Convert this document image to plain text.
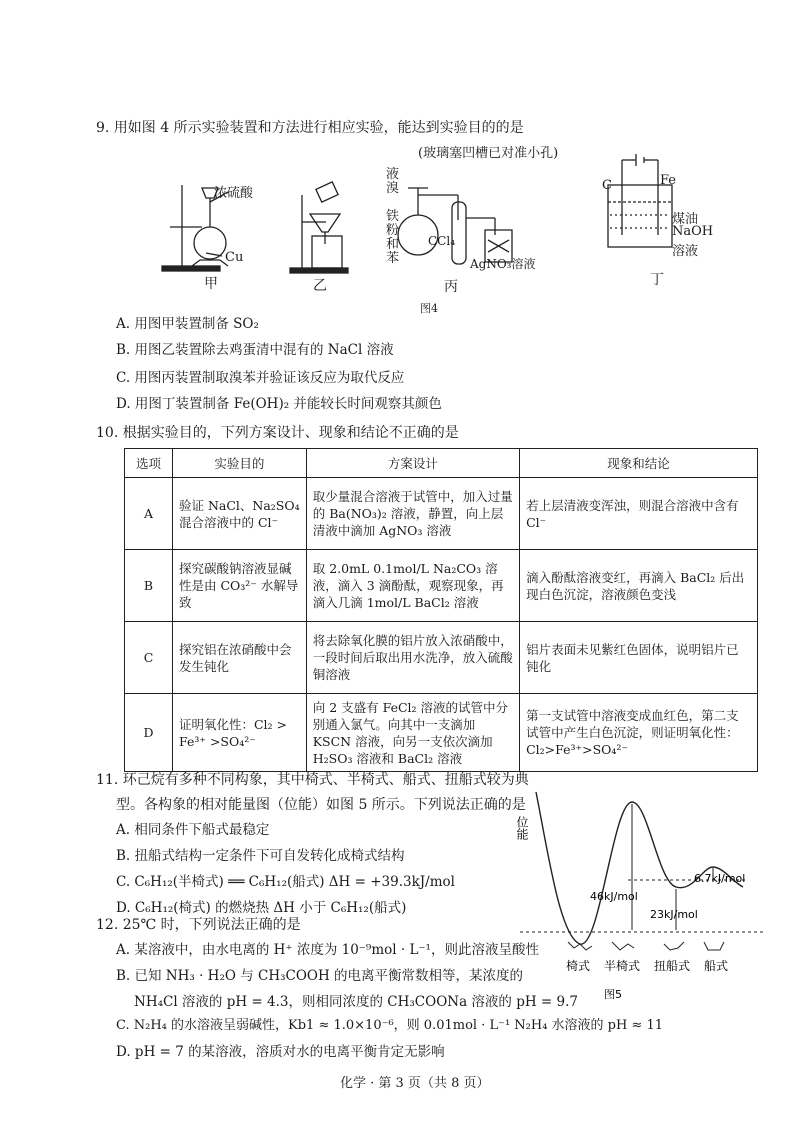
9. 用如图 4 所示实验装置和方法进行相应实验，能达到实验目的的是
浓硫酸
Cu
(玻璃塞凹槽已对准小孔)
液溴
铁粉和苯
CCl₄
AgNO₃溶液
C	Fe
煤油
NaOH
溶液
甲	乙	丙	丁
图4
A. 用图甲装置制备 SO₂
B. 用图乙装置除去鸡蛋清中混有的 NaCl 溶液
C. 用图丙装置制取溴苯并验证该反应为取代反应
D. 用图丁装置制备 Fe(OH)₂ 并能较长时间观察其颜色
10. 根据实验目的，下列方案设计、现象和结论不正确的是
选项	实验目的	方案设计	现象和结论
A	验证 NaCl、Na₂SO₄ 混合溶液中的 Cl⁻	取少量混合溶液于试管中，加入过量的 Ba(NO₃)₂ 溶液，静置，向上层清液中滴加 AgNO₃ 溶液	若上层清液变浑浊，则混合溶液中含有 Cl⁻
B	探究碳酸钠溶液显碱性是由 CO₃²⁻ 水解导致	取 2.0mL 0.1mol/L Na₂CO₃ 溶液，滴入 3 滴酚酞，观察现象，再滴入几滴 1mol/L BaCl₂ 溶液	滴入酚酞溶液变红，再滴入 BaCl₂ 后出现白色沉淀，溶液颜色变浅
C	探究铝在浓硝酸中会发生钝化	将去除氧化膜的铝片放入浓硝酸中，一段时间后取出用水洗净，放入硫酸铜溶液	铝片表面未见紫红色固体，说明铝片已钝化
D	证明氧化性：Cl₂ > Fe³⁺ >SO₄²⁻	向 2 支盛有 FeCl₂ 溶液的试管中分别通入氯气。向其中一支滴加 KSCN 溶液，向另一支依次滴加 H₂SO₃ 溶液和 BaCl₂ 溶液	第一支试管中溶液变成血红色，第二支试管中产生白色沉淀，则证明氧化性：Cl₂>Fe³⁺>SO₄²⁻
11. 环己烷有多种不同构象，其中椅式、半椅式、船式、扭船式较为典
型。各构象的相对能量图（位能）如图 5 所示。下列说法正确的是
A. 相同条件下船式最稳定
B. 扭船式结构一定条件下可自发转化成椅式结构
C. C₆H₁₂(半椅式) ══ C₆H₁₂(船式) ΔH = +39.3kJ/mol
D. C₆H₁₂(椅式) 的燃烧热 ΔH 小于 C₆H₁₂(船式)
位能
46kJ/mol
23kJ/mol
6.7kJ/mol
椅式 半椅式 扭船式 船式
图5
12. 25℃ 时，下列说法正确的是
A. 某溶液中，由水电离的 H⁺ 浓度为 10⁻⁹mol · L⁻¹，则此溶液呈酸性
B. 已知 NH₃ · H₂O 与 CH₃COOH 的电离平衡常数相等，某浓度的
NH₄Cl 溶液的 pH = 4.3，则相同浓度的 CH₃COONa 溶液的 pH = 9.7
C. N₂H₄ 的水溶液呈弱碱性，Kb1 ≈ 1.0×10⁻⁶，则 0.01mol · L⁻¹ N₂H₄ 水溶液的 pH ≈ 11
D. pH = 7 的某溶液，溶质对水的电离平衡肯定无影响
化学 · 第 3 页（共 8 页）
